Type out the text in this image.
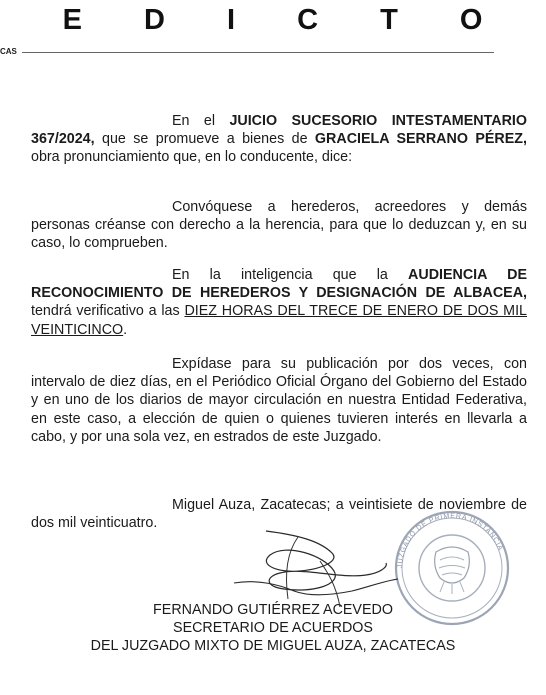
E D I C T O
CAS

En el JUICIO SUCESORIO INTESTAMENTARIO 367/2024, que se promueve a bienes de GRACIELA SERRANO PÉREZ, obra pronunciamiento que, en lo conducente, dice:

Convóquese a herederos, acreedores y demás personas créanse con derecho a la herencia, para que lo deduzcan y, en su caso, lo comprueben.

En la inteligencia que la AUDIENCIA DE RECONOCIMIENTO DE HEREDEROS Y DESIGNACIÓN DE ALBACEA, tendrá verificativo a las DIEZ HORAS DEL TRECE DE ENERO DE DOS MIL VEINTICINCO.

Expídase para su publicación por dos veces, con intervalo de diez días, en el Periódico Oficial Órgano del Gobierno del Estado y en uno de los diarios de mayor circulación en nuestra Entidad Federativa, en este caso, a elección de quien o quienes tuvieren interés en llevarla a cabo, y por una sola vez, en estrados de este Juzgado.

Miguel Auza, Zacatecas; a veintisiete de noviembre de dos mil veinticuatro.

JUZGADO DE PRIMERA INSTANCIA
FERNANDO GUTIÉRREZ ACEVEDO
SECRETARIO DE ACUERDOS
DEL JUZGADO MIXTO DE MIGUEL AUZA, ZACATECAS
